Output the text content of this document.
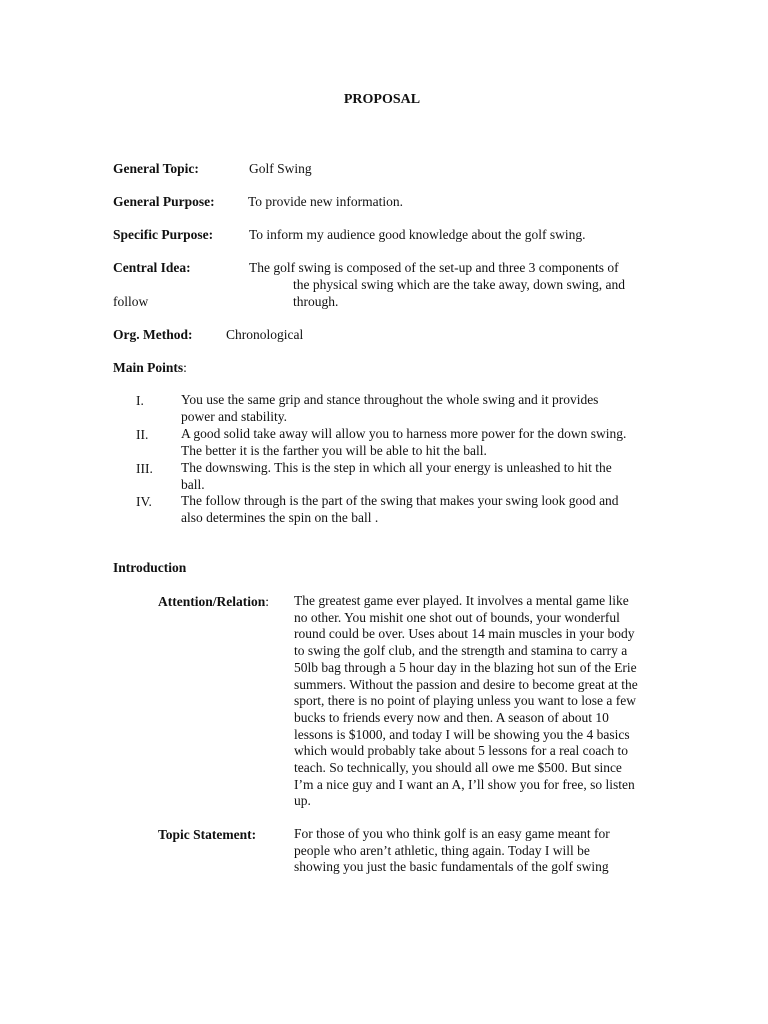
PROPOSAL
General Topic:	Golf Swing
General Purpose: To provide new information.
Specific Purpose:	To inform my audience good knowledge about the golf swing.
Central Idea:	The golf swing is composed of the set-up and three 3 components of
the physical swing which are the take away, down swing, and
follow	through.
Org. Method: Chronological
Main Points:
I.	You use the same grip and stance throughout the whole swing and it provides
power and stability.
II. A good solid take away will allow you to harness more power for the down swing.
The better it is the farther you will be able to hit the ball.
III. The downswing. This is the step in which all your energy is unleashed to hit the
ball.
IV. The follow through is the part of the swing that makes your swing look good and
also determines the spin on the ball .
Introduction
Attention/Relation: The greatest game ever played. It involves a mental game like
no other. You mishit one shot out of bounds, your wonderful
round could be over. Uses about 14 main muscles in your body
to swing the golf club, and the strength and stamina to carry a
50lb bag through a 5 hour day in the blazing hot sun of the Erie
summers. Without the passion and desire to become great at the
sport, there is no point of playing unless you want to lose a few
bucks to friends every now and then. A season of about 10
lessons is $1000, and today I will be showing you the 4 basics
which would probably take about 5 lessons for a real coach to
teach. So technically, you should all owe me $500. But since
I’m a nice guy and I want an A, I’ll show you for free, so listen
up.
Topic Statement:	For those of you who think golf is an easy game meant for
people who aren’t athletic, thing again. Today I will be
showing you just the basic fundamentals of the golf swing
